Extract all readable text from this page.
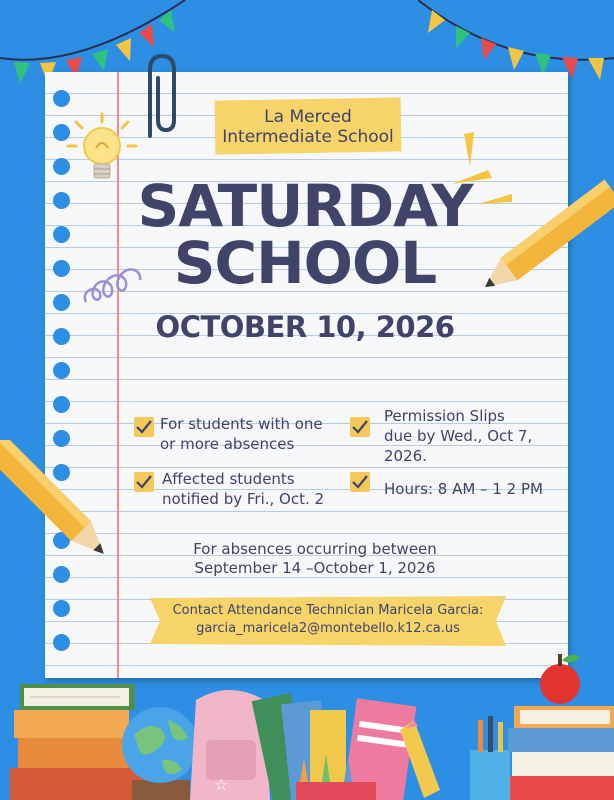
La Merced
Intermediate School
SATURDAY
SCHOOL
OCTOBER 10, 2026
For students with one
or more absences
Affected students
notified by Fri., Oct. 2
Permission Slips
due by Wed., Oct 7,
2026.
Hours: 8 AM – 1 2 PM
For absences occurring between
September 14 –October 1, 2026
Contact Attendance Technician Maricela Garcia:
garcia_maricela2@montebello.k12.ca.us
☆
